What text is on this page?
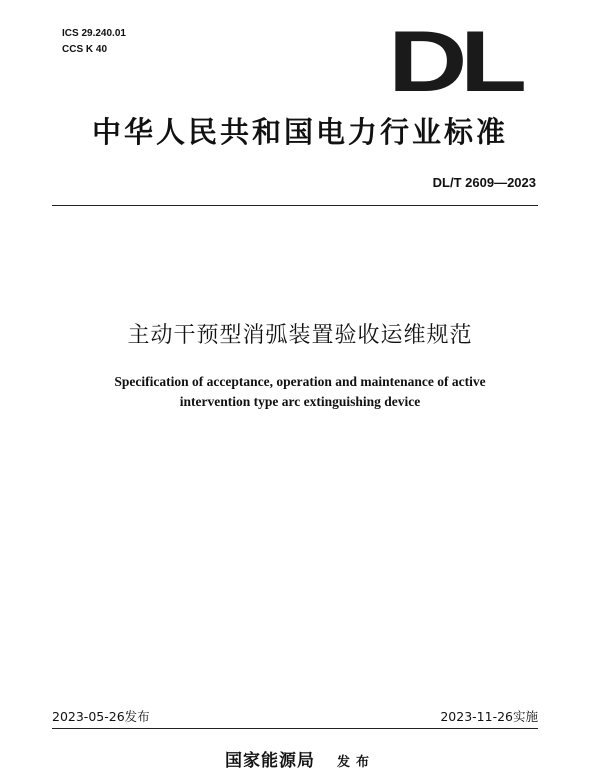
ICS 29.240.01
CCS K 40	DL
中华人民共和国电力行业标准
DL/T 2609—2023
主动干预型消弧装置验收运维规范
Specification of acceptance, operation and maintenance of active
intervention type arc extinguishing device
2023-05-26发布	2023-11-26实施
国家能源局 发布
